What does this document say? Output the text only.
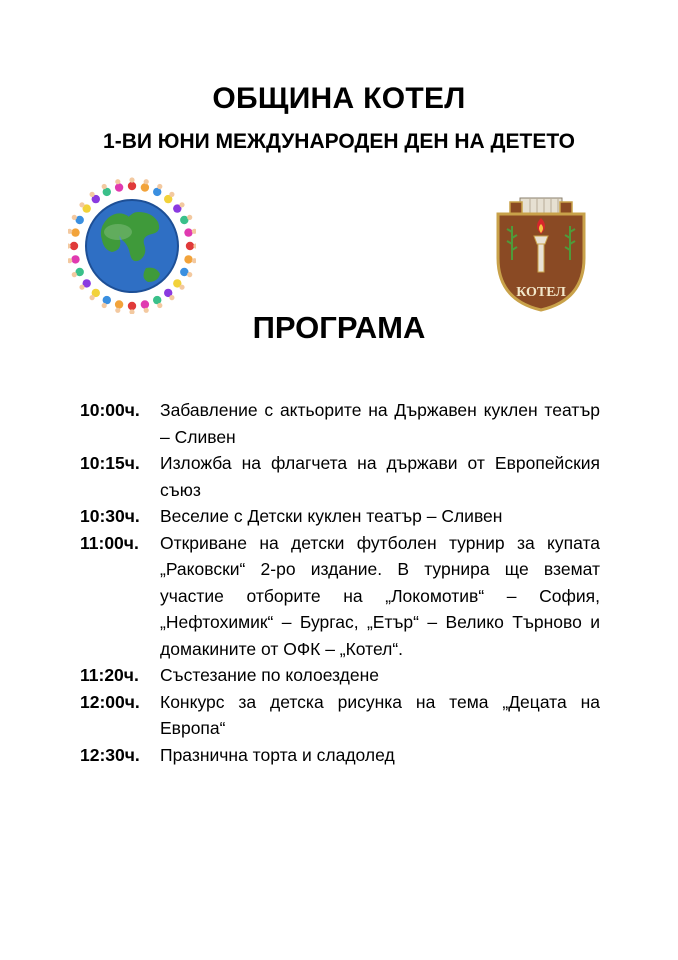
ОБЩИНА КОТЕЛ
1-ВИ ЮНИ МЕЖДУНАРОДЕН ДЕН НА ДЕТЕТО
КОТЕЛ
ПРОГРАМА
10:00ч.	Забавление с актьорите на Държавен куклен театър – Сливен
10:15ч.	Изложба на флагчета на държави от Европейския съюз
10:30ч.	Веселие с Детски куклен театър – Сливен
11:00ч.	Откриване на детски футболен турнир за купата „Раковски“ 2-ро издание. В турнира ще вземат участие отборите на „Локомотив“ – София, „Нефтохимик“ – Бургас, „Етър“ – Велико Търново и домакините от ОФК – „Котел“.
11:20ч.	Състезание по колоездене
12:00ч.	Конкурс за детска рисунка на тема „Децата на Европа“
12:30ч.	Празнична торта и сладолед
